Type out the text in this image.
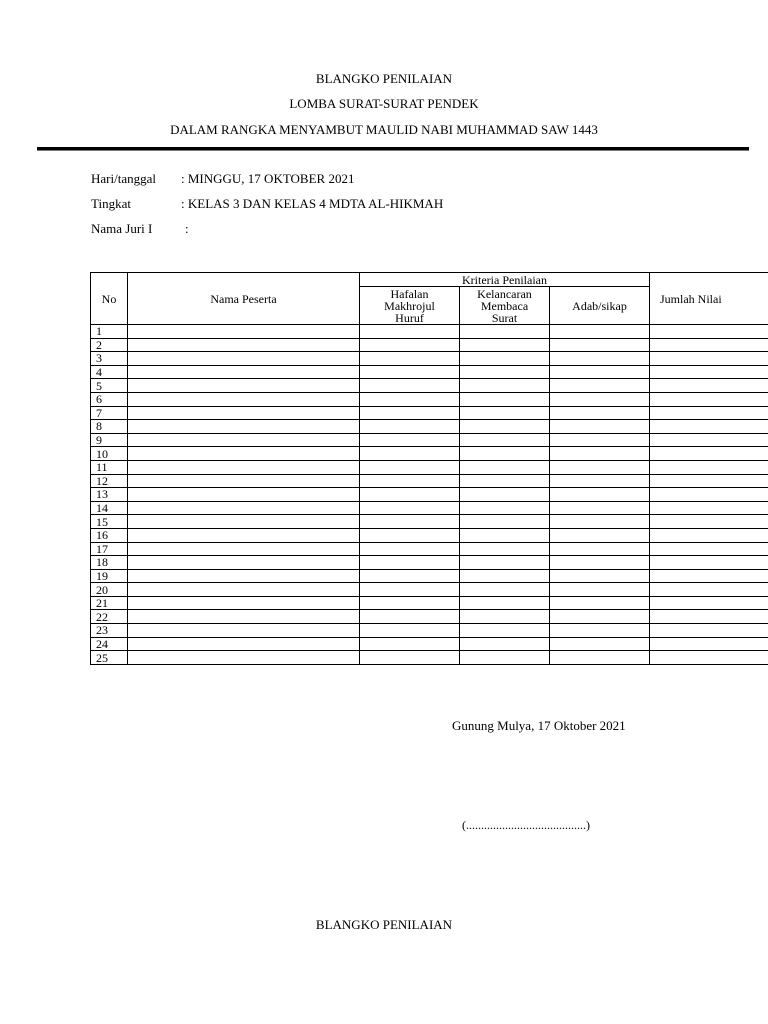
BLANGKO PENILAIAN
LOMBA SURAT-SURAT PENDEK
DALAM RANGKA MENYAMBUT MAULID NABI MUHAMMAD SAW 1443
Hari/tanggal : MINGGU, 17 OKTOBER 2021
Tingkat	: KELAS 3 DAN KELAS 4 MDTA AL-HIKMAH
Nama Juri I	:
No	Nama Peserta	Kriteria Penilaian			Jumlah Nilai
		Hafalan Makhrojul Huruf	Kelancaran Membaca Surat	Adab/sikap	
1					
2					
3					
4					
5					
6					
7					
8					
9					
10					
11					
12					
13					
14					
15					
16					
17					
18					
19					
20					
21					
22					
23					
24					
25					
Gunung Mulya, 17 Oktober 2021
(........................................)
BLANGKO PENILAIAN
